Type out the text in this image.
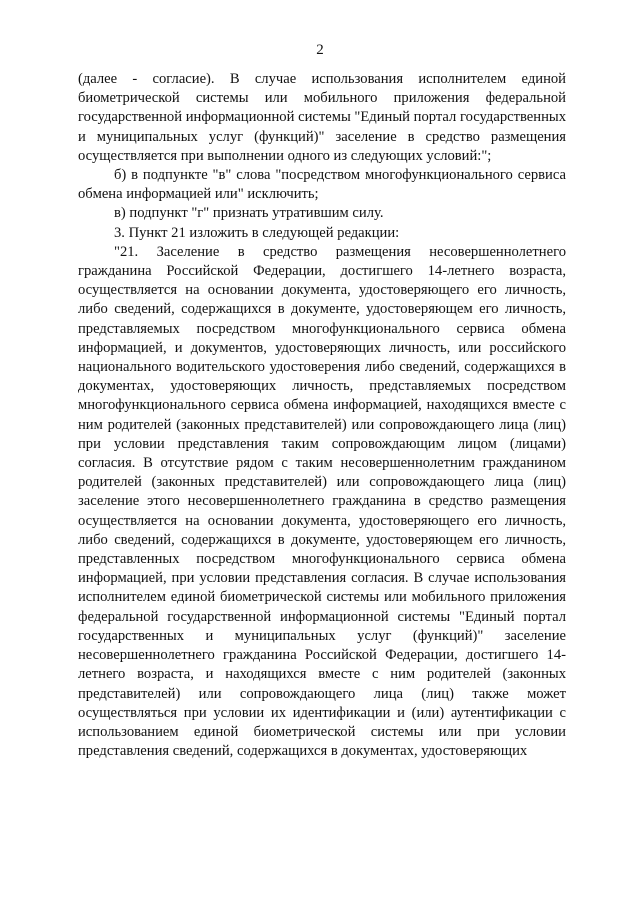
2

(далее - согласие). В случае использования исполнителем единой биометрической системы или мобильного приложения федеральной государственной информационной системы "Единый портал государственных и муниципальных услуг (функций)" заселение в средство размещения осуществляется при выполнении одного из следующих условий:";

б) в подпункте "в" слова "посредством многофункционального сервиса обмена информацией или" исключить;

в) подпункт "г" признать утратившим силу.

3. Пункт 21 изложить в следующей редакции:

"21. Заселение в средство размещения несовершеннолетнего гражданина Российской Федерации, достигшего 14-летнего возраста, осуществляется на основании документа, удостоверяющего его личность, либо сведений, содержащихся в документе, удостоверяющем его личность, представляемых посредством многофункционального сервиса обмена информацией, и документов, удостоверяющих личность, или российского национального водительского удостоверения либо сведений, содержащихся в документах, удостоверяющих личность, представляемых посредством многофункционального сервиса обмена информацией, находящихся вместе с ним родителей (законных представителей) или сопровождающего лица (лиц) при условии представления таким сопровождающим лицом (лицами) согласия. В отсутствие рядом с таким несовершеннолетним гражданином родителей (законных представителей) или сопровождающего лица (лиц) заселение этого несовершеннолетнего гражданина в средство размещения осуществляется на основании документа, удостоверяющего его личность, либо сведений, содержащихся в документе, удостоверяющем его личность, представленных посредством многофункционального сервиса обмена информацией, при условии представления согласия. В случае использования исполнителем единой биометрической системы или мобильного приложения федеральной государственной информационной системы "Единый портал государственных и муниципальных услуг (функций)" заселение несовершеннолетнего гражданина Российской Федерации, достигшего 14-летнего возраста, и находящихся вместе с ним родителей (законных представителей) или сопровождающего лица (лиц) также может осуществляться при условии их идентификации и (или) аутентификации с использованием единой биометрической системы или при условии представления сведений, содержащихся в документах, удостоверяющих
